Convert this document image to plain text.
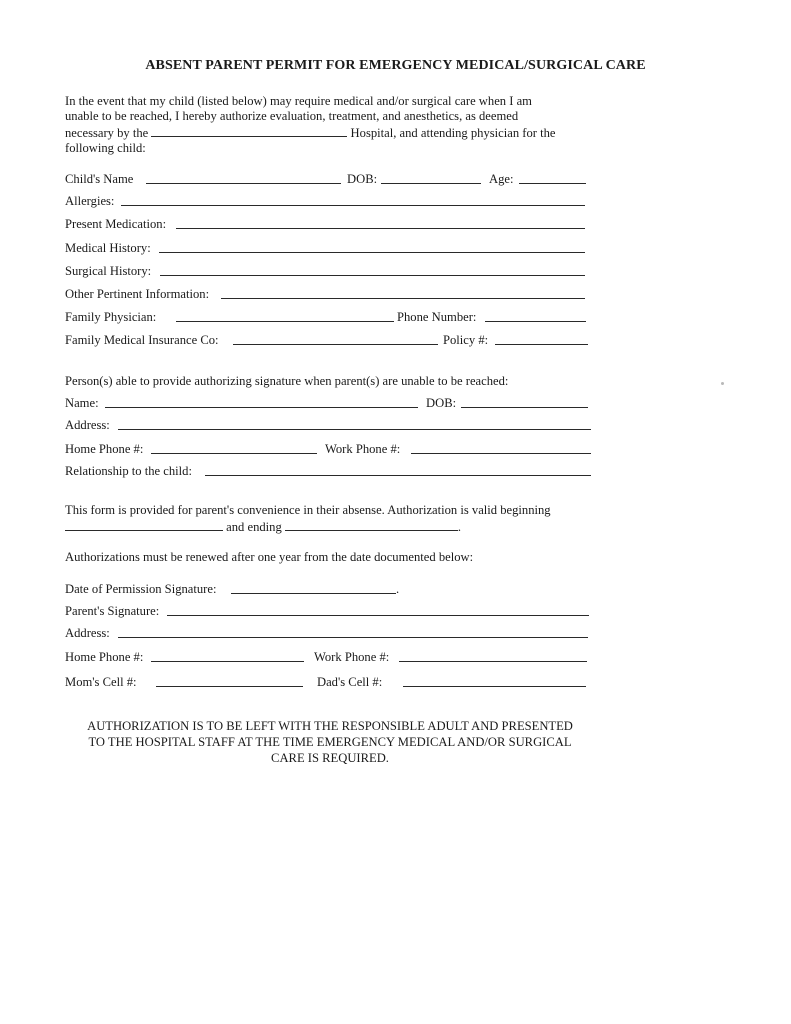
ABSENT PARENT PERMIT FOR EMERGENCY MEDICAL/SURGICAL CARE
In the event that my child (listed below) may require medical and/or surgical care when I am
unable to be reached, I hereby authorize evaluation, treatment, and anesthetics, as deemed
necessary by the	Hospital, and attending physician for the
following child:
Child's Name	DOB:	Age:
Allergies:
Present Medication:
Medical History:
Surgical History:
Other Pertinent Information:
Family Physician:	Phone Number:
Family Medical Insurance Co:	Policy #:
Person(s) able to provide authorizing signature when parent(s) are unable to be reached:
Name:	DOB:
Address:
Home Phone #:	Work Phone #:
Relationship to the child:
This form is provided for parent's convenience in their absense. Authorization is valid beginning
and ending	.
Authorizations must be renewed after one year from the date documented below:
Date of Permission Signature:	.
Parent's Signature:
Address:
Home Phone #:	Work Phone #:
Mom's Cell #:	Dad's Cell #:
AUTHORIZATION IS TO BE LEFT WITH THE RESPONSIBLE ADULT AND PRESENTED
TO THE HOSPITAL STAFF AT THE TIME EMERGENCY MEDICAL AND/OR SURGICAL
CARE IS REQUIRED.
